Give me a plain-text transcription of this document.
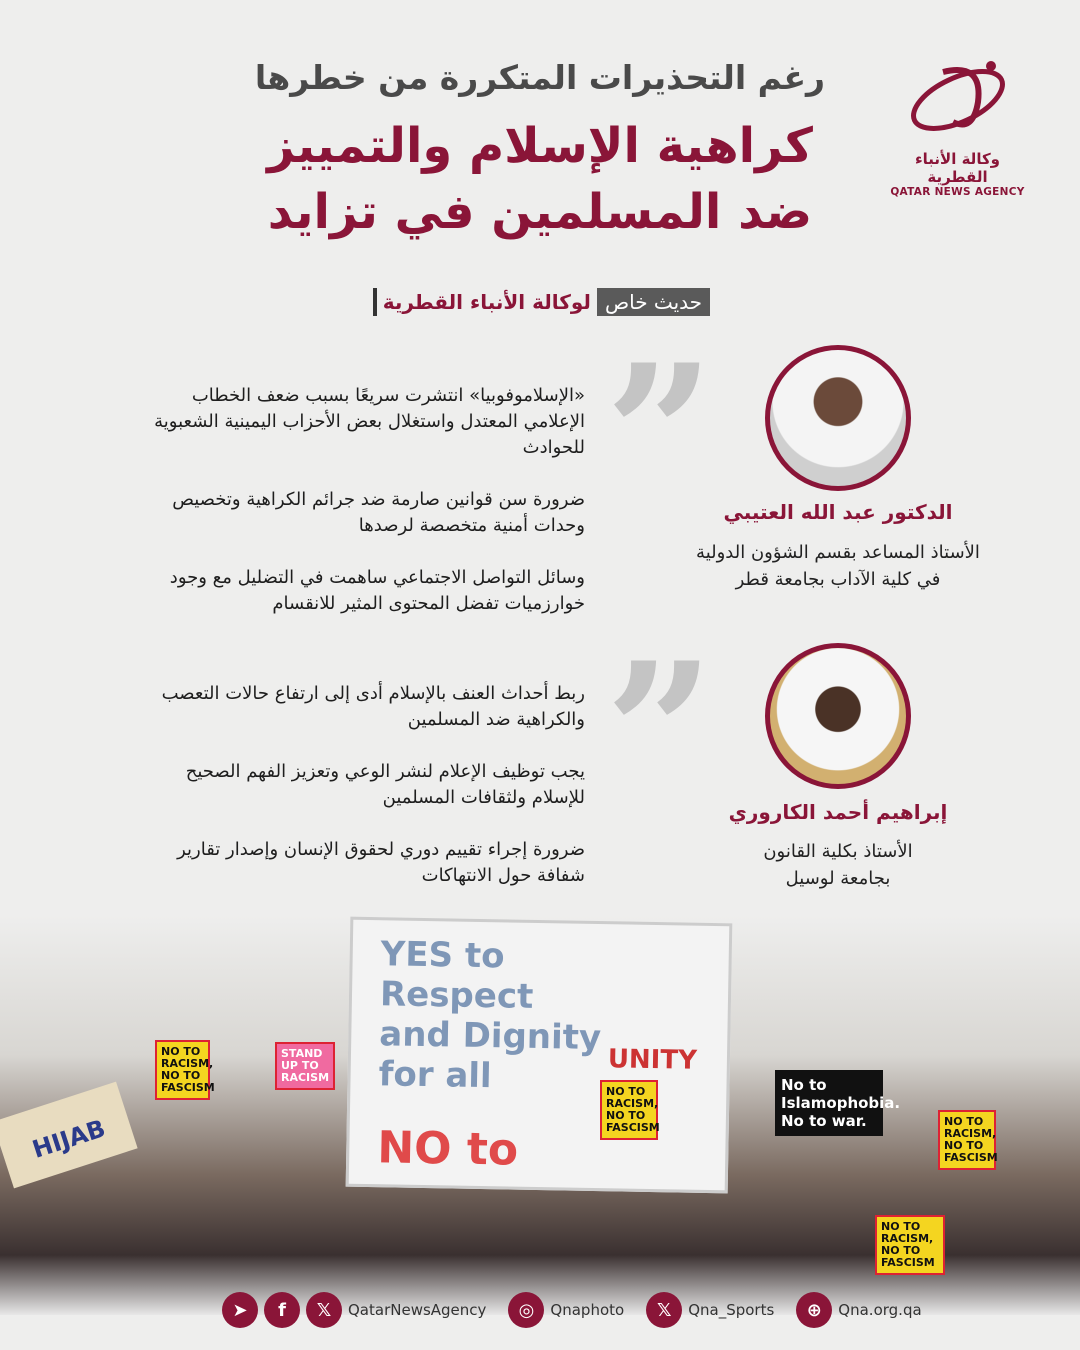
وكالة الأنباء القطرية
QATAR NEWS AGENCY
رغم التحذيرات المتكررة من خطرها
كراهية الإسلام والتمييز
ضد المسلمين في تزايد
حديث خاص
لوكالة الأنباء القطرية
” الدكتور عبد الله العتيبي
الأستاذ المساعد بقسم الشؤون الدولية
في كلية الآداب بجامعة قطر

«الإسلاموفوبيا» انتشرت سريعًا بسبب ضعف الخطاب الإعلامي المعتدل واستغلال بعض الأحزاب اليمينية الشعبوية للحوادث

ضرورة سن قوانين صارمة ضد جرائم الكراهية وتخصيص وحدات أمنية متخصصة لرصدها

وسائل التواصل الاجتماعي ساهمت في التضليل مع وجود خوارزميات تفضل المحتوى المثير للانقسام

” إبراهيم أحمد الكاروري
الأستاذ بكلية القانون
بجامعة لوسيل

ربط أحداث العنف بالإسلام أدى إلى ارتفاع حالات التعصب والكراهية ضد المسلمين

يجب توظيف الإعلام لنشر الوعي وتعزيز الفهم الصحيح للإسلام ولثقافات المسلمين

ضرورة إجراء تقييم دوري لحقوق الإنسان وإصدار تقارير شفافة حول الانتهاكات

YES to Respect and Dignity for all	UNITY
NO to
NO TO RACISM, NO TO FASCISM
STAND UP TO RACISM
NO TO RACISM, NO TO FASCISM
No to Islamophobia. No to war.	NO TO RACISM, NO TO FASCISM
NO TO RACISM, NO TO FASCISM
HIJAB
➤	f	𝕏	QatarNewsAgency	◎	Qnaphoto	𝕏	Qna_Sports	⊕	Qna.org.qa
